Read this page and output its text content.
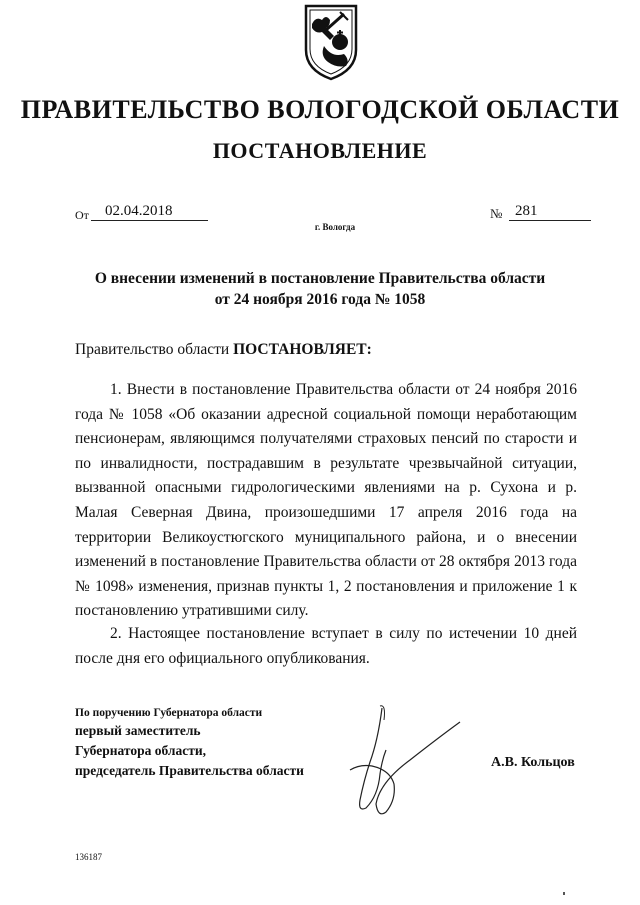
ПРАВИТЕЛЬСТВО ВОЛОГОДСКОЙ ОБЛАСТИ
ПОСТАНОВЛЕНИЕ
От	02.04.2018	№ 281
г. Вологда
О внесении изменений в постановление Правительства области
от 24 ноября 2016 года № 1058
Правительство области ПОСТАНОВЛЯЕТ:
1. Внести в постановление Правительства области от 24 ноября 2016 года № 1058 «Об оказании адресной социальной помощи неработающим пенсионерам, являющимся получателями страховых пенсий по старости и по инвалидности, пострадавшим в результате чрезвычайной ситуации, вызванной опасными гидрологическими явлениями на р. Сухона и р. Малая Северная Двина, произошедшими 17 апреля 2016 года на территории Великоустюгского муниципального района, и о внесении изменений в постановление Правительства области от 28 октября 2013 года № 1098» изменения, признав пункты 1, 2 постановления и приложение 1 к постановлению утратившими силу.
2. Настоящее постановление вступает в силу по истечении 10 дней после дня его официального опубликования.
По поручению Губернатора области
первый заместитель
Губернатора области,
председатель Правительства области
А.В. Кольцов
136187
